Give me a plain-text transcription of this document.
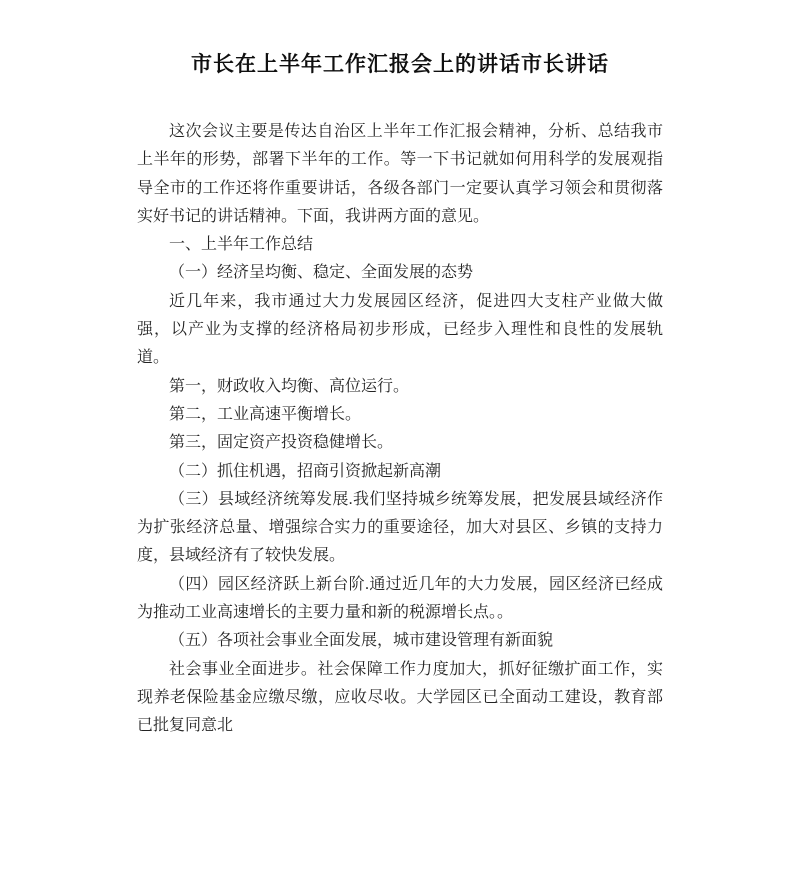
市长在上半年工作汇报会上的讲话市长讲话

这次会议主要是传达自治区上半年工作汇报会精神，分析、总结我市上半年的形势，部署下半年的工作。等一下书记就如何用科学的发展观指导全市的工作还将作重要讲话，各级各部门一定要认真学习领会和贯彻落实好书记的讲话精神。下面，我讲两方面的意见。

一、上半年工作总结

（一）经济呈均衡、稳定、全面发展的态势

近几年来，我市通过大力发展园区经济，促进四大支柱产业做大做强，以产业为支撑的经济格局初步形成，已经步入理性和良性的发展轨道。

第一，财政收入均衡、高位运行。

第二，工业高速平衡增长。

第三，固定资产投资稳健增长。

（二）抓住机遇，招商引资掀起新高潮

（三）县域经济统筹发展.我们坚持城乡统筹发展，把发展县域经济作为扩张经济总量、增强综合实力的重要途径，加大对县区、乡镇的支持力度，县域经济有了较快发展。

（四）园区经济跃上新台阶.通过近几年的大力发展，园区经济已经成为推动工业高速增长的主要力量和新的税源增长点。。

（五）各项社会事业全面发展，城市建设管理有新面貌

社会事业全面进步。社会保障工作力度加大，抓好征缴扩面工作，实现养老保险基金应缴尽缴，应收尽收。大学园区已全面动工建设，教育部已批复同意北
